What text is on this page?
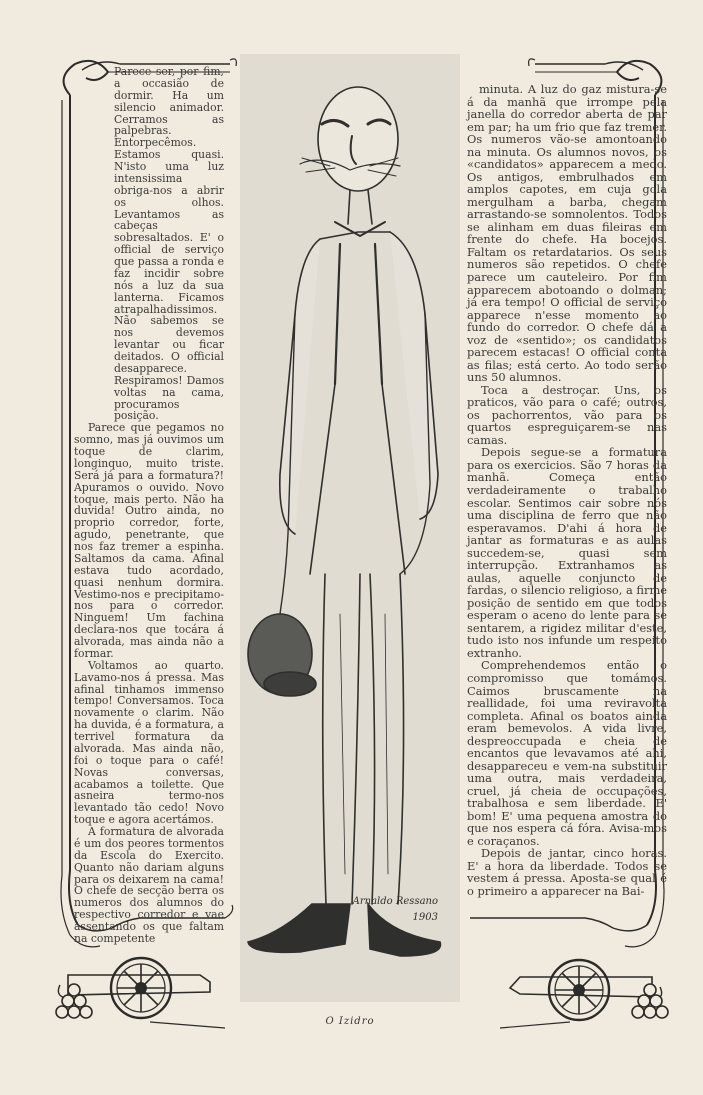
Parece ser, por fim, a occasião de dormir. Ha um silencio animador. Cerramos as palpebras. Entorpecêmos. Estamos quasi. N'isto uma luz intensissima obriga-nos a abrir os olhos. Levantamos as cabeças sobresaltados. E' o official de serviço que passa a ronda e faz incidir sobre nós a luz da sua lanterna. Ficamos atrapalhadissimos. Não sabemos se nos devemos levantar ou ficar deitados. O official desapparece. Respiramos! Damos voltas na cama, procuramos posição.

Parece que pegamos no somno, mas já ouvimos um toque de clarim, longinquo, muito triste. Será já para a formatura?! Apuramos o ouvido. Novo toque, mais perto. Não ha duvida! Outro ainda, no proprio corredor, forte, agudo, penetrante, que nos faz tremer a espinha. Saltamos da cama. Afinal estava tudo acordado, quasi nenhum dormira. Vestimo-nos e precipitamo-nos para o corredor. Ninguem! Um fachina declara-nos que tocára á alvorada, mas ainda não a formar.

Voltamos ao quarto. Lavamo-nos á pressa. Mas afinal tinhamos immenso tempo! Conversamos. Toca novamente o clarim. Não ha duvida, é a formatura, a terrivel formatura da alvorada. Mas ainda não, foi o toque para o café! Novas conversas, acabamos a toilette. Que asneira termo-nos levantado tão cedo! Novo toque e agora acertámos.

A formatura de alvorada é um dos peores tormentos da Escola do Exercito. Quanto não dariam alguns para os deixarem na cama! O chefe de secção berra os numeros dos alumnos do respectivo corredor e vae assentando os que faltam na competente

Arnaldo Ressano
1903
O Izidro

minuta. A luz do gaz mistura-se á da manhã que irrompe pela janella do corredor aberta de par em par; ha um frio que faz tremer. Os numeros vão-se amontoando na minuta. Os alumnos novos, os «candidatos» apparecem a medo. Os antigos, embrulhados em amplos capotes, em cuja gola mergulham a barba, chegam arrastando-se somnolentos. Todos se alinham em duas fileiras em frente do chefe. Ha bocejos. Faltam os retardatarios. Os seus numeros são repetidos. O chefe parece um cauteleiro. Por fim apparecem abotoando o dolman; já era tempo! O official de serviço apparece n'esse momento ao fundo do corredor. O chefe dá a voz de «sentido»; os candidatos parecem estacas! O official conta as filas; está certo. Ao todo serão uns 50 alumnos.

Toca a destroçar. Uns, os praticos, vão para o café; outros, os pachorrentos, vão para os quartos espreguiçarem-se nas camas.

Depois segue-se a formatura para os exercicios. São 7 horas da manhã. Começa então verdadeiramente o trabalho escolar. Sentimos cair sobre nós uma disciplina de ferro que não esperavamos. D'ahi á hora de jantar as formaturas e as aulas succedem-se, quasi sem interrupção. Extranhamos as aulas, aquelle conjuncto de fardas, o silencio religioso, a firme posição de sentido em que todos esperam o aceno do lente para se sentarem, a rigidez militar d'este, tudo isto nos infunde um respeito extranho.

Comprehendemos então o compromisso que tomámos. Caimos bruscamente na reallidade, foi uma reviravolta completa. Afinal os boatos ainda eram bemevolos. A vida livre, despreoccupada e cheia de encantos que levavamos até ahi, desappareceu e vem-na substituir uma outra, mais verdadeira, cruel, já cheia de occupações, trabalhosa e sem liberdade. E' bom! E' uma pequena amostra do que nos espera cá fóra. Avisa-mos e coraçanos.

Depois de jantar, cinco horas. E' a hora da liberdade. Todos se vestem á pressa. Aposta-se qual é o primeiro a apparecer na Bai-
